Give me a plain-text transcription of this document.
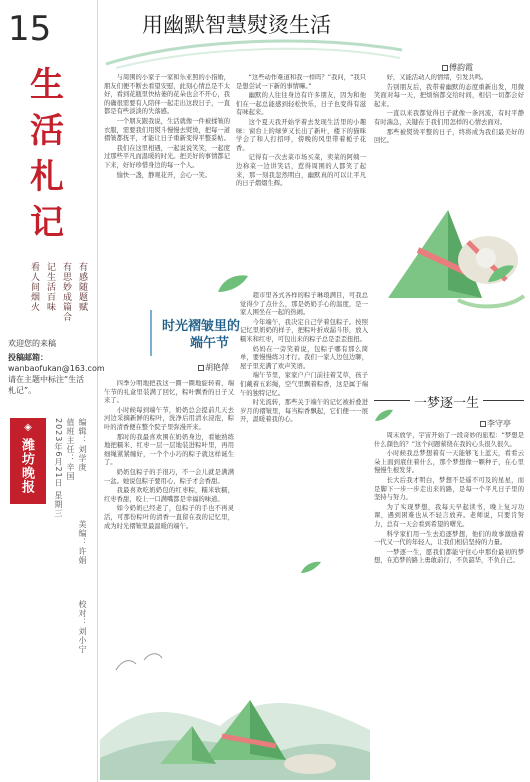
15
生
活
札
记
有感随题赋
有思妙成篇合
记生活百味
看人间烟火
欢迎您的来稿
投稿邮箱：
wanbaofukan@163.com
请在主题中标注“生活札记”。
◈
潍坊晚报	2023年6月21日 星期三 值班主任：辛国 编辑：刘学庚
美编：许娟
校对：刘小宁
用幽默智慧熨烫生活
傅韵霞

与周围的小家子一家和乐亚照的小指婚，朋友们便不断去看望安慰，此刻心情总是不太好，看到花瓶里快枯萎的花朵也会不开心，我的确很需要有人陪伴一起走出这段日子，一直都是有些淡淡的失落感。

一个朋友跟我说，生活就像一件被揉皱的衣服，需要我们用熨斗慢慢去熨烫，把每一道褶皱都抚平，才能让日子重新变得平整妥帖。

我们在这里相遇，一起说说笑笑，一起度过那些平凡而温暖的时光。把美好的事情都记下来，好好珍惜身边的每一个人。

愉快一盏，静观花开，会心一笑。

“这些动作难道和我一样吗？”我问，“我只是想尝试一下新的事情嘛。”

幽默的人往往身边有许多朋友，因为和他们在一起总能感到轻松快乐，日子也变得有滋有味起来。

这个夏天我开始学着去发现生活里的小趣味：窗台上的绿萝又长出了新叶，楼下的猫咪学会了和人打招呼，傍晚的风里带着栀子花香。

记得有一次去菜市场买菜，卖菜的阿姨一边称菜一边讲笑话，惹得周围的人都笑了起来，那一刻我忽然明白，幽默真的可以让平凡的日子熠熠生辉。

好，又能活动人的情绪，引发共鸣。

告别朋友后，我带着幽默的态度重新出发，用微笑面对每一天，把烦恼都交给时间，相信一切都会好起来。

一直以来我都觉得日子就像一条河流，有时平静有时湍急，关键在于我们用怎样的心情去面对。

那些被熨烫平整的日子，终将成为我们最美好的回忆。

时光褶皱里的
端午节
胡艳萍

四季分明地把我这一圈一圈地旋转着，端午节的礼盒里装满了回忆，粽叶飘香的日子又来了。

小时候每到端午节，奶奶总会提前几天去河边采摘新鲜的粽叶，洗净后用清水浸泡，粽叶的清香便在整个院子里弥漫开来。

那时的我最喜欢围在奶奶身边，看她熟练地把糯米、红枣一层一层地装进粽叶里，再用细绳紧紧缠好，一个个小巧的粽子就这样诞生了。

奶奶包粽子的手很巧，不一会儿就是满满一盆。她说包粽子要用心，粽子才会香甜。

我最喜欢吃奶奶包的红枣粽，糯米软糯，红枣香甜，咬上一口满嘴都是幸福的味道。

如今奶奶已经老了，包粽子的手也不再灵活，可那份粽叶的清香一直留在我的记忆里，成为时光褶皱里最温暖的端午。

超市里各式各样的粽子琳琅满目，可我总觉得少了点什么，那是奶奶手心的温度，是一家人围坐在一起的热闹。

今年端午，我决定自己学着包粽子。按照记忆里奶奶的样子，把粽叶折成漏斗形，放入糯米和红枣，可包出来的粽子总是歪歪扭扭。

妈妈在一旁笑着说，包粽子哪有那么简单，要慢慢练习才行。我们一家人边包边聊，屋子里充满了欢声笑语。

端午节里，家家户户门前挂着艾草，孩子们戴着五彩绳，空气里飘着粽香，这是属于端午的独特记忆。

时光流转，那些关于端午的记忆被折叠进岁月的褶皱里，每当粽香飘起，它们便一一展开，温暖着我的心。

一梦逐一生
李守亭

周末放学，宇宙开始了一段奇妙的旅程：“梦想是什么颜色的？”这个问题萦绕在我的心头很久很久。

小时候我总梦想着有一天能够飞上蓝天，看看云朵上面到底住着什么，那个梦想像一颗种子，在心里慢慢生根发芽。

长大后我才明白，梦想不是遥不可及的星星，而是脚下一步一步走出来的路，是每一个平凡日子里的坚持与努力。

为了实现梦想，我每天早起读书，晚上复习功课，遇到困难也从不轻言放弃。老师说，只要肯努力，总有一天会看到希望的曙光。

科学家们用一生去追逐梦想，他们的故事激励着一代又一代的年轻人，让我们相信坚持的力量。

一梦逐一生，愿我们都能守住心中那份最初的梦想，在追梦的路上勇敢前行，不负韶华，不负自己。
